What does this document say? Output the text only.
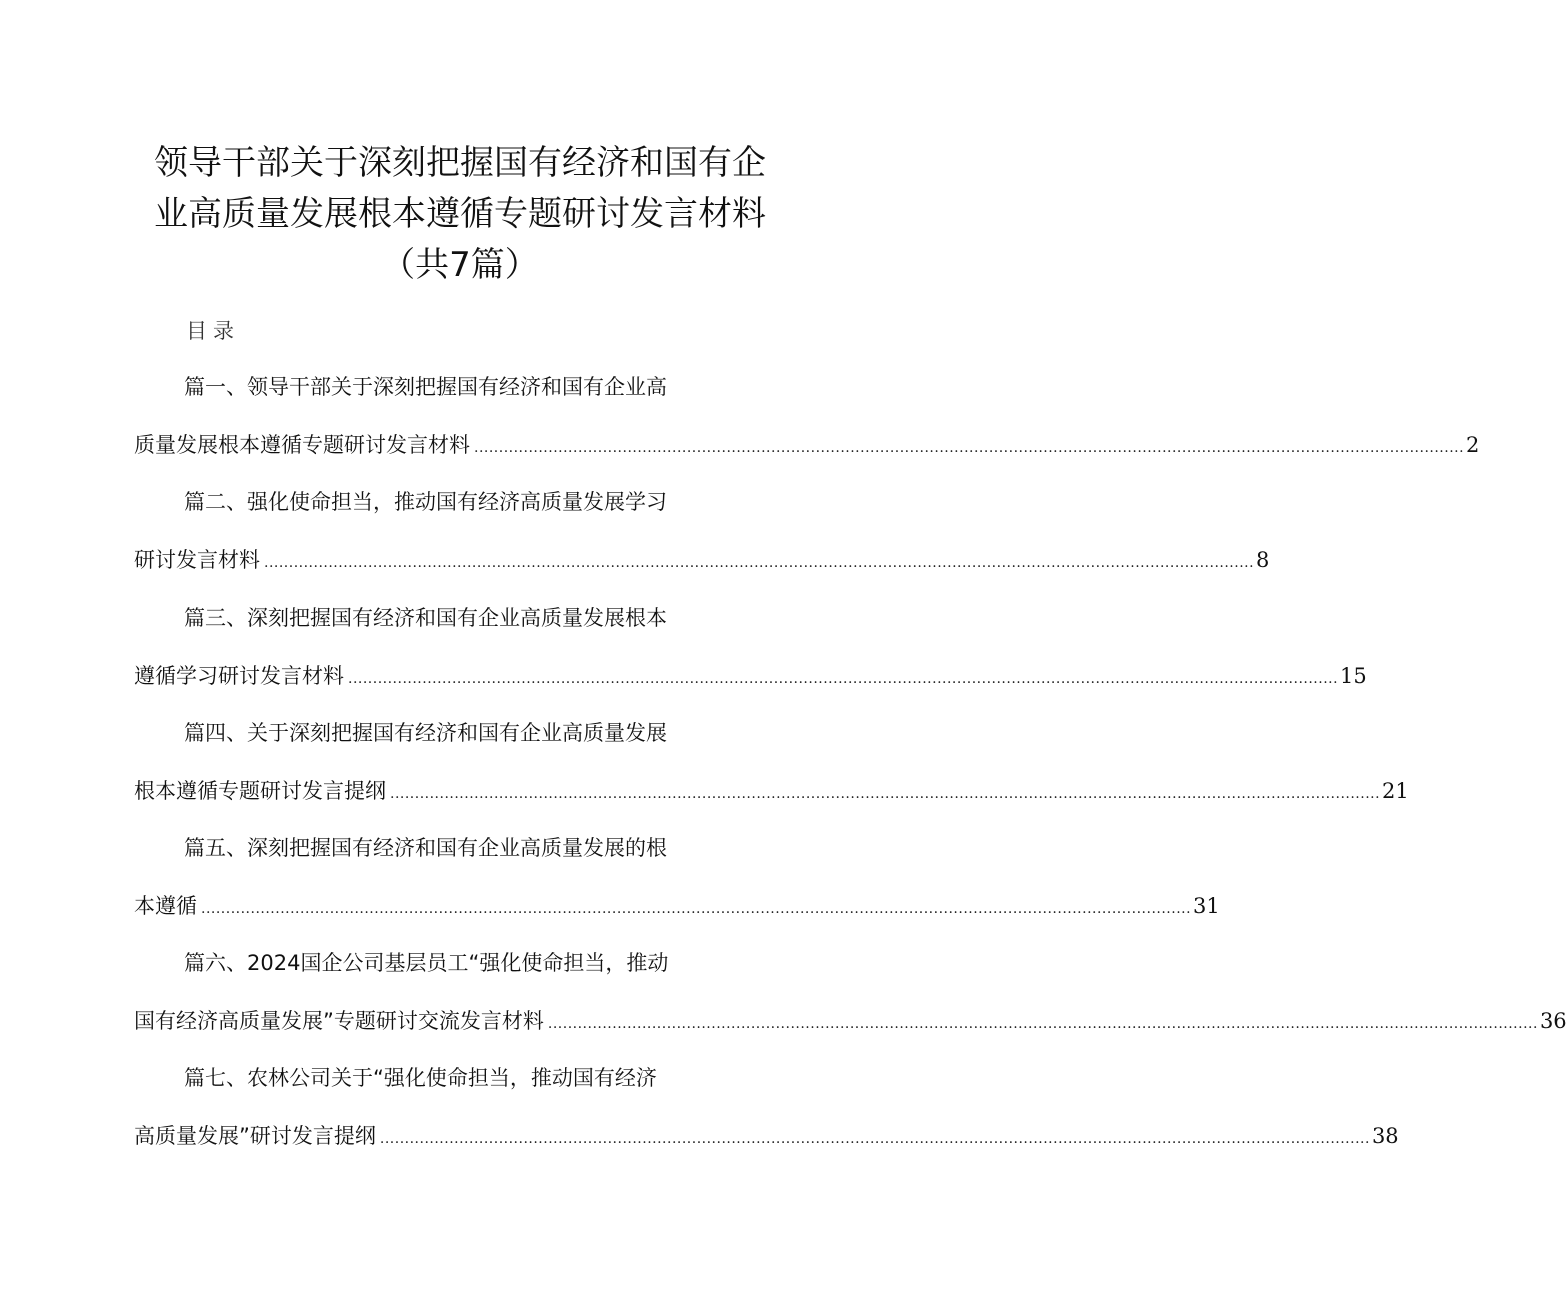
领导干部关于深刻把握国有经济和国有企
业高质量发展根本遵循专题研讨发言材料
（共7篇）
目录
篇一、领导干部关于深刻把握国有经济和国有企业高
质量发展根本遵循专题研讨发言材料 ........................................................................................................................................................................................................ 2
篇二、强化使命担当，推动国有经济高质量发展学习
研讨发言材料 ........................................................................................................................................................................................................ 8
篇三、深刻把握国有经济和国有企业高质量发展根本
遵循学习研讨发言材料 ........................................................................................................................................................................................................ 15
篇四、关于深刻把握国有经济和国有企业高质量发展
根本遵循专题研讨发言提纲 ........................................................................................................................................................................................................ 21
篇五、深刻把握国有经济和国有企业高质量发展的根
本遵循 ........................................................................................................................................................................................................ 31
篇六、2024国企公司基层员工“强化使命担当，推动
国有经济高质量发展”专题研讨交流发言材料 ........................................................................................................................................................................................................ 36
篇七、农林公司关于“强化使命担当，推动国有经济
高质量发展”研讨发言提纲 ........................................................................................................................................................................................................ 38
